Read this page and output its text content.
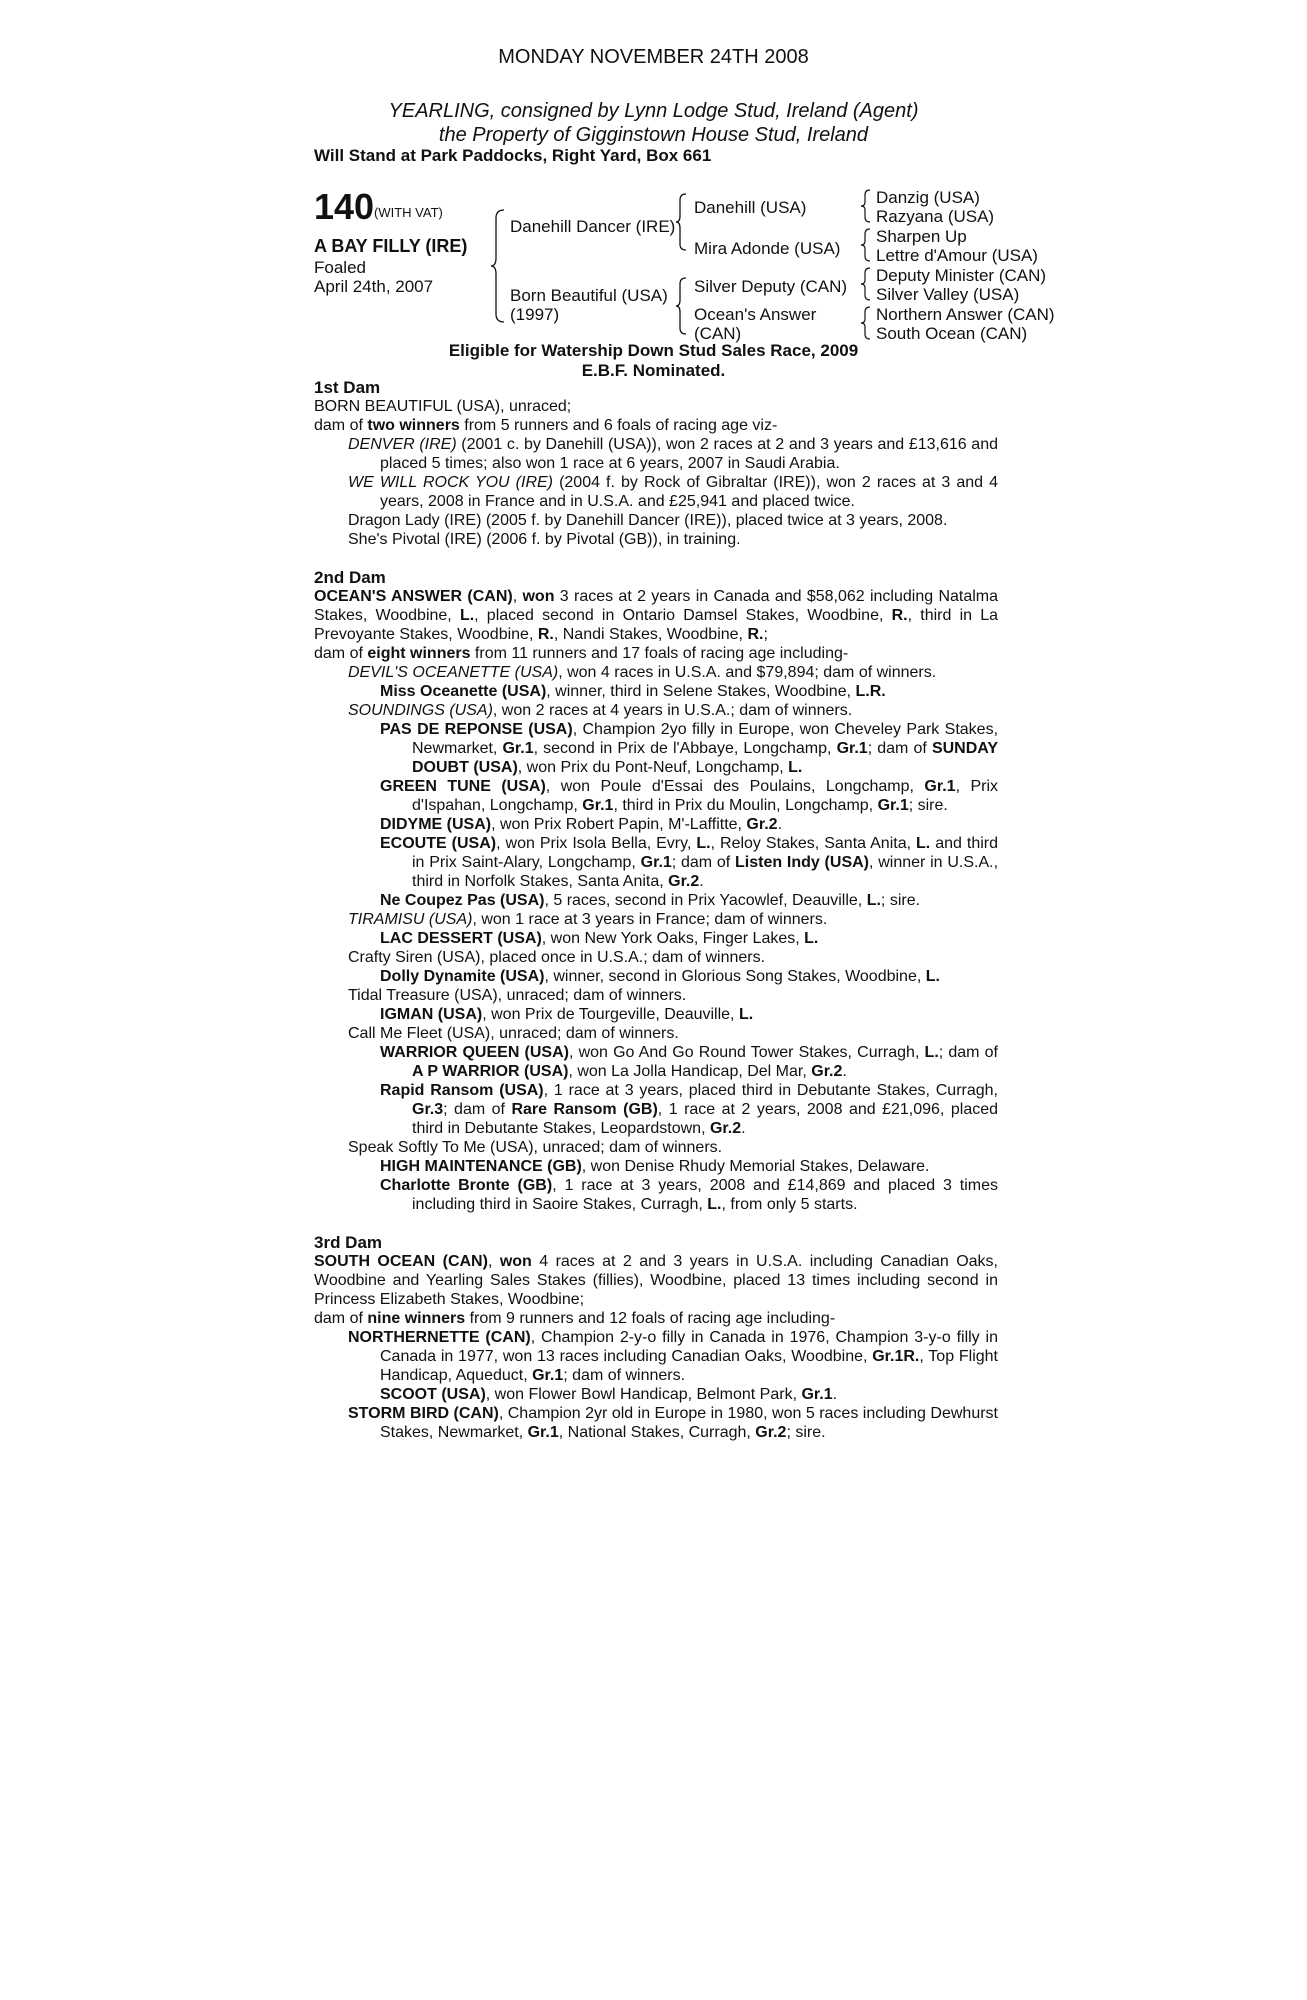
MONDAY NOVEMBER 24TH 2008
YEARLING, consigned by Lynn Lodge Stud, Ireland (Agent)
the Property of Gigginstown House Stud, Ireland
Will Stand at Park Paddocks, Right Yard, Box 661
140 (WITH VAT)
A BAY FILLY (IRE)
Foaled
April 24th, 2007
Danehill Dancer (IRE)
Born Beautiful (USA)
(1997)
Danehill (USA)
Mira Adonde (USA)
Silver Deputy (CAN)
Ocean's Answer
(CAN)
Danzig (USA)
Razyana (USA)
Sharpen Up
Lettre d'Amour (USA)
Deputy Minister (CAN)
Silver Valley (USA)
Northern Answer (CAN)
South Ocean (CAN)
Eligible for Watership Down Stud Sales Race, 2009
E.B.F. Nominated.

1st Dam

BORN BEAUTIFUL (USA), unraced;

dam of two winners from 5 runners and 6 foals of racing age viz-

DENVER (IRE) (2001 c. by Danehill (USA)), won 2 races at 2 and 3 years and £13,616 and placed 5 times; also won 1 race at 6 years, 2007 in Saudi Arabia.

WE WILL ROCK YOU (IRE) (2004 f. by Rock of Gibraltar (IRE)), won 2 races at 3 and 4 years, 2008 in France and in U.S.A. and £25,941 and placed twice.

Dragon Lady (IRE) (2005 f. by Danehill Dancer (IRE)), placed twice at 3 years, 2008.

She's Pivotal (IRE) (2006 f. by Pivotal (GB)), in training.

2nd Dam

OCEAN'S ANSWER (CAN), won 3 races at 2 years in Canada and $58,062 including Natalma Stakes, Woodbine, L., placed second in Ontario Damsel Stakes, Woodbine, R., third in La Prevoyante Stakes, Woodbine, R., Nandi Stakes, Woodbine, R.;

dam of eight winners from 11 runners and 17 foals of racing age including-

DEVIL'S OCEANETTE (USA), won 4 races in U.S.A. and $79,894; dam of winners.

Miss Oceanette (USA), winner, third in Selene Stakes, Woodbine, L.R.

SOUNDINGS (USA), won 2 races at 4 years in U.S.A.; dam of winners.

PAS DE REPONSE (USA), Champion 2yo filly in Europe, won Cheveley Park Stakes, Newmarket, Gr.1, second in Prix de l'Abbaye, Longchamp, Gr.1; dam of SUNDAY DOUBT (USA), won Prix du Pont-Neuf, Longchamp, L.

GREEN TUNE (USA), won Poule d'Essai des Poulains, Longchamp, Gr.1, Prix d'Ispahan, Longchamp, Gr.1, third in Prix du Moulin, Longchamp, Gr.1; sire.

DIDYME (USA), won Prix Robert Papin, M'-Laffitte, Gr.2.

ECOUTE (USA), won Prix Isola Bella, Evry, L., Reloy Stakes, Santa Anita, L. and third in Prix Saint-Alary, Longchamp, Gr.1; dam of Listen Indy (USA), winner in U.S.A., third in Norfolk Stakes, Santa Anita, Gr.2.

Ne Coupez Pas (USA), 5 races, second in Prix Yacowlef, Deauville, L.; sire.

TIRAMISU (USA), won 1 race at 3 years in France; dam of winners.

LAC DESSERT (USA), won New York Oaks, Finger Lakes, L.

Crafty Siren (USA), placed once in U.S.A.; dam of winners.

Dolly Dynamite (USA), winner, second in Glorious Song Stakes, Woodbine, L.

Tidal Treasure (USA), unraced; dam of winners.

IGMAN (USA), won Prix de Tourgeville, Deauville, L.

Call Me Fleet (USA), unraced; dam of winners.

WARRIOR QUEEN (USA), won Go And Go Round Tower Stakes, Curragh, L.; dam of A P WARRIOR (USA), won La Jolla Handicap, Del Mar, Gr.2.

Rapid Ransom (USA), 1 race at 3 years, placed third in Debutante Stakes, Curragh, Gr.3; dam of Rare Ransom (GB), 1 race at 2 years, 2008 and £21,096, placed third in Debutante Stakes, Leopardstown, Gr.2.

Speak Softly To Me (USA), unraced; dam of winners.

HIGH MAINTENANCE (GB), won Denise Rhudy Memorial Stakes, Delaware.

Charlotte Bronte (GB), 1 race at 3 years, 2008 and £14,869 and placed 3 times including third in Saoire Stakes, Curragh, L., from only 5 starts.

3rd Dam

SOUTH OCEAN (CAN), won 4 races at 2 and 3 years in U.S.A. including Canadian Oaks, Woodbine and Yearling Sales Stakes (fillies), Woodbine, placed 13 times including second in Princess Elizabeth Stakes, Woodbine;

dam of nine winners from 9 runners and 12 foals of racing age including-

NORTHERNETTE (CAN), Champion 2-y-o filly in Canada in 1976, Champion 3-y-o filly in Canada in 1977, won 13 races including Canadian Oaks, Woodbine, Gr.1R., Top Flight Handicap, Aqueduct, Gr.1; dam of winners.

SCOOT (USA), won Flower Bowl Handicap, Belmont Park, Gr.1.

STORM BIRD (CAN), Champion 2yr old in Europe in 1980, won 5 races including Dewhurst Stakes, Newmarket, Gr.1, National Stakes, Curragh, Gr.2; sire.
